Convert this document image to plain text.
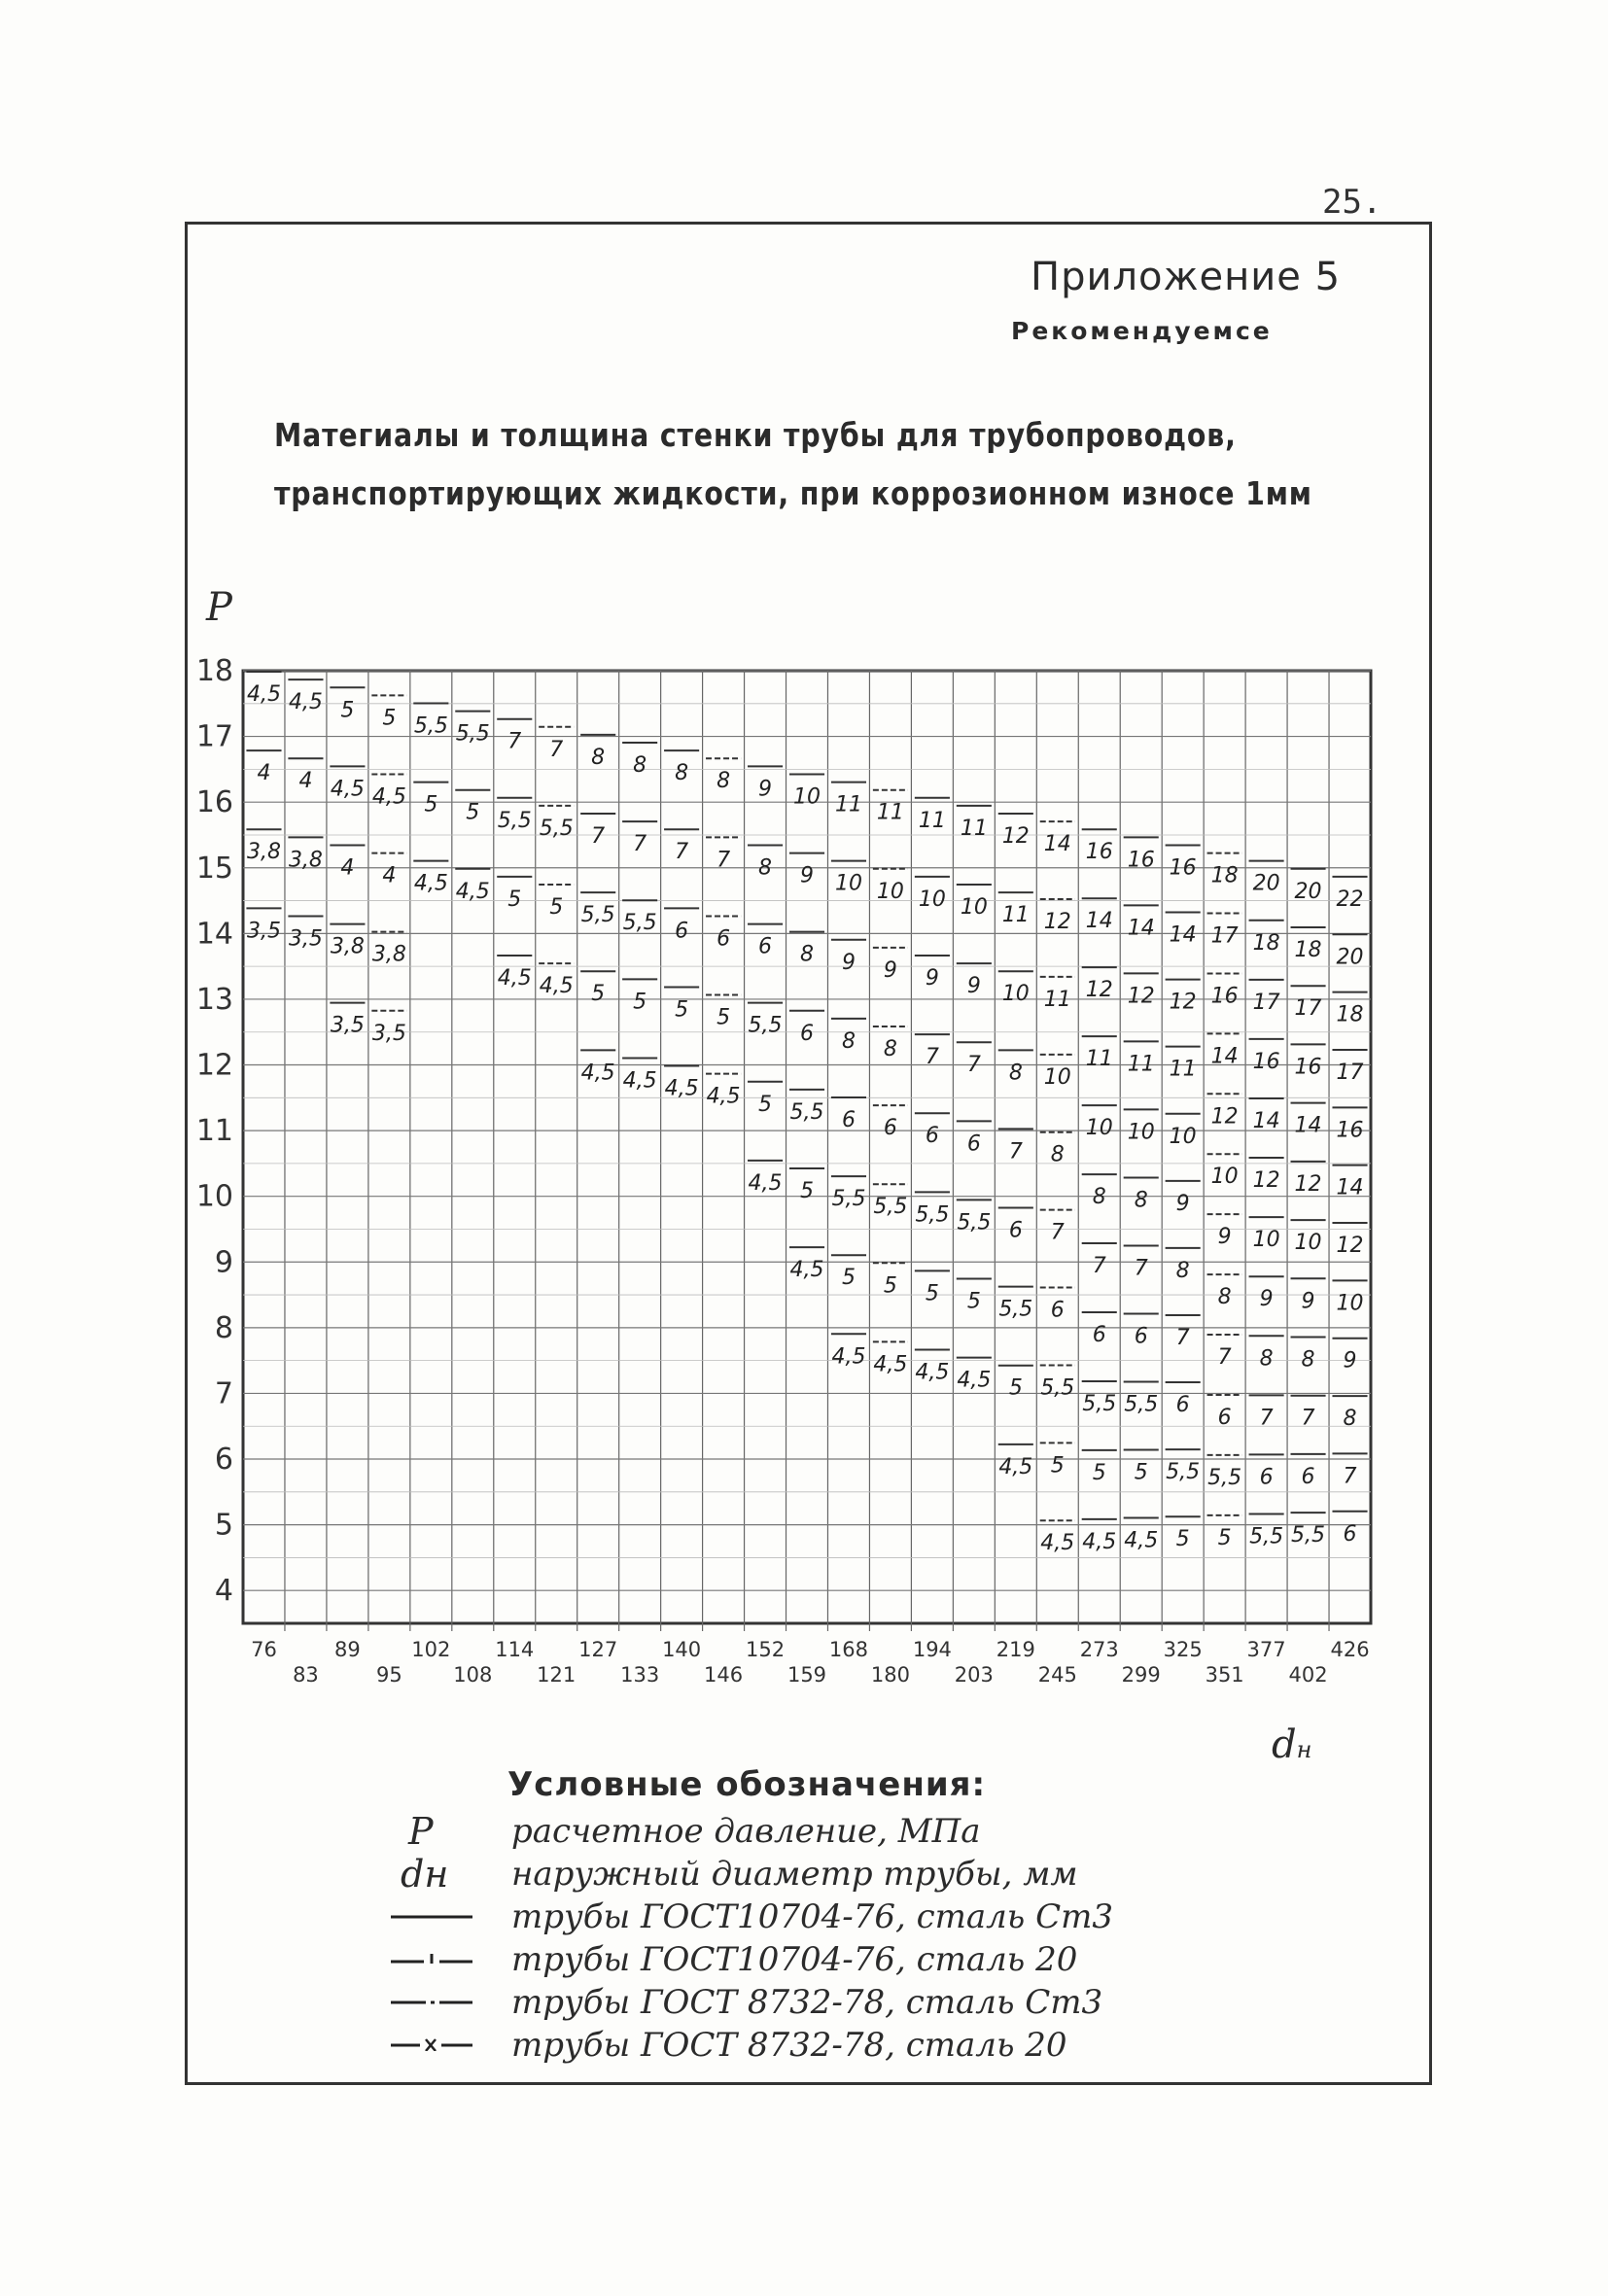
25.
Приложение 5
Рекомендуемсе
Матегиалы и толщина стенки трубы для трубопроводов,
транспортирующих жидкости, при коррозионном износе 1мм
P
dн
4
5
6
7
8
9
10
11
12
13
14
15
16
17
18
76
83
89
95
102
108
114
121
127
133
140
146
152
159
168
180
194
203
219
245
273
299
325
351
377
402
426
4,5
4
3,8
3,5
4,5
4
3,8
3,5
5
4,5
4
3,8
3,5
5
4,5
4
3,8
3,5
5,5
5
4,5
5,5
5
4,5
7
5,5
5
4,5
7
5,5
5
4,5
8
7
5,5
5
4,5
8
7
5,5
5
4,5
8
7
6
5
4,5
8
7
6
5
4,5
9
8
6
5,5
5
4,5
10
9
8
6
5,5
5
4,5
11
10
9
8
6
5,5
5
4,5
11
10
9
8
6
5,5
5
4,5
11
10
9
7
6
5,5
5
4,5
11
10
9
7
6
5,5
5
4,5
12
11
10
8
7
6
5,5
5
4,5
14
12
11
10
8
7
6
5,5
5
4,5
16
14
12
11
10
8
7
6
5,5
5
4,5
16
14
12
11
10
8
7
6
5,5
5
4,5
16
14
12
11
10
9
8
7
6
5,5
5
18
17
16
14
12
10
9
8
7
6
5,5
5
20
18
17
16
14
12
10
9
8
7
6
5,5
20
18
17
16
14
12
10
9
8
7
6
5,5
22
20
18
17
16
14
12
10
9
8
7
6
Условные обозначения:
P	расчетное давление, МПа
dн	наружный диаметр трубы, мм
трубы ГОСТ10704-76, сталь Ст3
трубы ГОСТ10704-76, сталь 20
трубы ГОСТ 8732-78, сталь Ст3
трубы ГОСТ 8732-78, сталь 20
